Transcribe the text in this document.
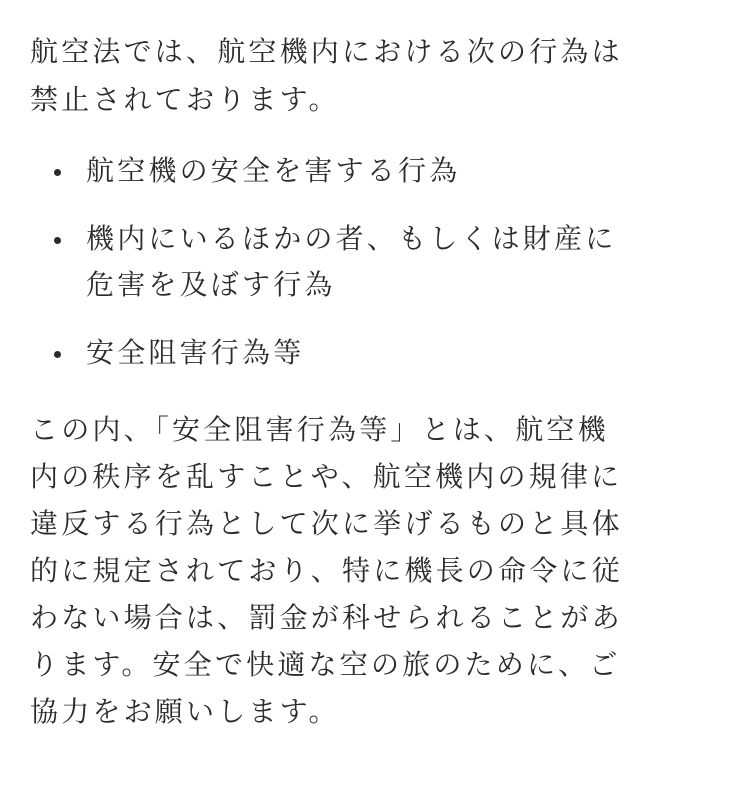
航空法では、航空機内における次の行為は
禁止されております。

航空機の安全を害する行為
機内にいるほかの者、もしくは財産に
危害を及ぼす行為
安全阻害行為等

この内、「安全阻害行為等」とは、航空機
内の秩序を乱すことや、航空機内の規律に
違反する行為として次に挙げるものと具体
的に規定されており、特に機長の命令に従
わない場合は、罰金が科せられることがあ
ります。安全で快適な空の旅のために、ご
協力をお願いします。
